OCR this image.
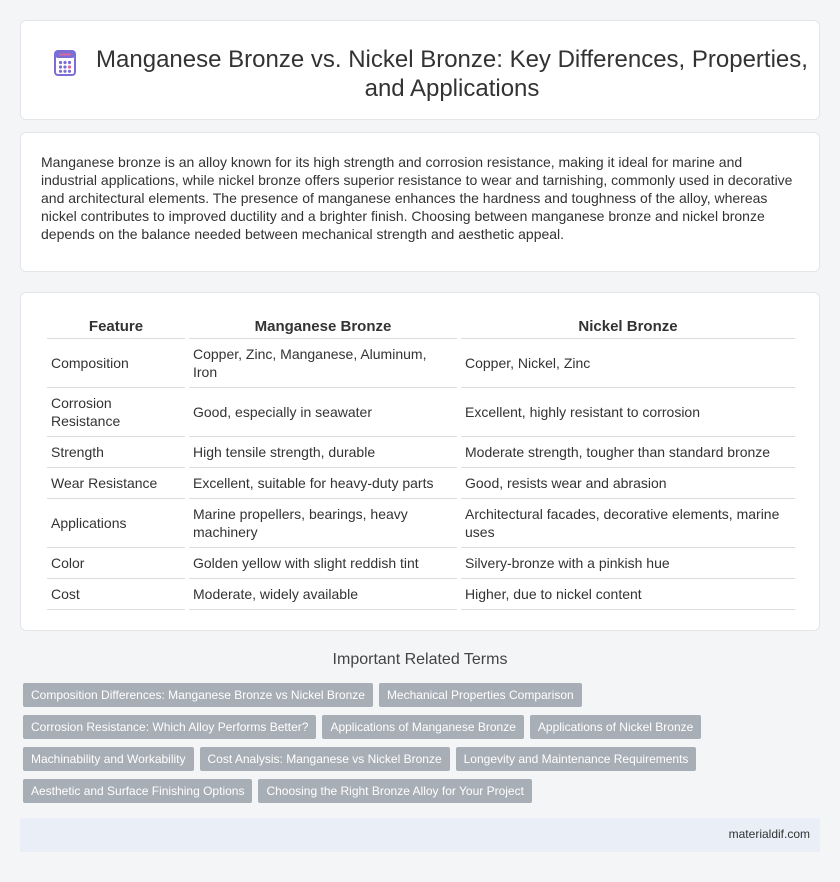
Manganese Bronze vs. Nickel Bronze: Key Differences, Properties, and Applications

Manganese bronze is an alloy known for its high strength and corrosion resistance, making it ideal for marine and industrial applications, while nickel bronze offers superior resistance to wear and tarnishing, commonly used in decorative and architectural elements. The presence of manganese enhances the hardness and toughness of the alloy, whereas nickel contributes to improved ductility and a brighter finish. Choosing between manganese bronze and nickel bronze depends on the balance needed between mechanical strength and aesthetic appeal.

Feature	Manganese Bronze	Nickel Bronze
Composition	Copper, Zinc, Manganese, Aluminum, Iron	Copper, Nickel, Zinc
Corrosion Resistance	Good, especially in seawater	Excellent, highly resistant to corrosion
Strength	High tensile strength, durable	Moderate strength, tougher than standard bronze
Wear Resistance	Excellent, suitable for heavy-duty parts	Good, resists wear and abrasion
Applications	Marine propellers, bearings, heavy machinery	Architectural facades, decorative elements, marine uses
Color	Golden yellow with slight reddish tint	Silvery-bronze with a pinkish hue
Cost	Moderate, widely available	Higher, due to nickel content
Important Related Terms
Composition Differences: Manganese Bronze vs Nickel Bronze	Mechanical Properties Comparison
Corrosion Resistance: Which Alloy Performs Better?	Applications of Manganese Bronze	Applications of Nickel Bronze
Machinability and Workability	Cost Analysis: Manganese vs Nickel Bronze	Longevity and Maintenance Requirements
Aesthetic and Surface Finishing Options	Choosing the Right Bronze Alloy for Your Project
materialdif.com
